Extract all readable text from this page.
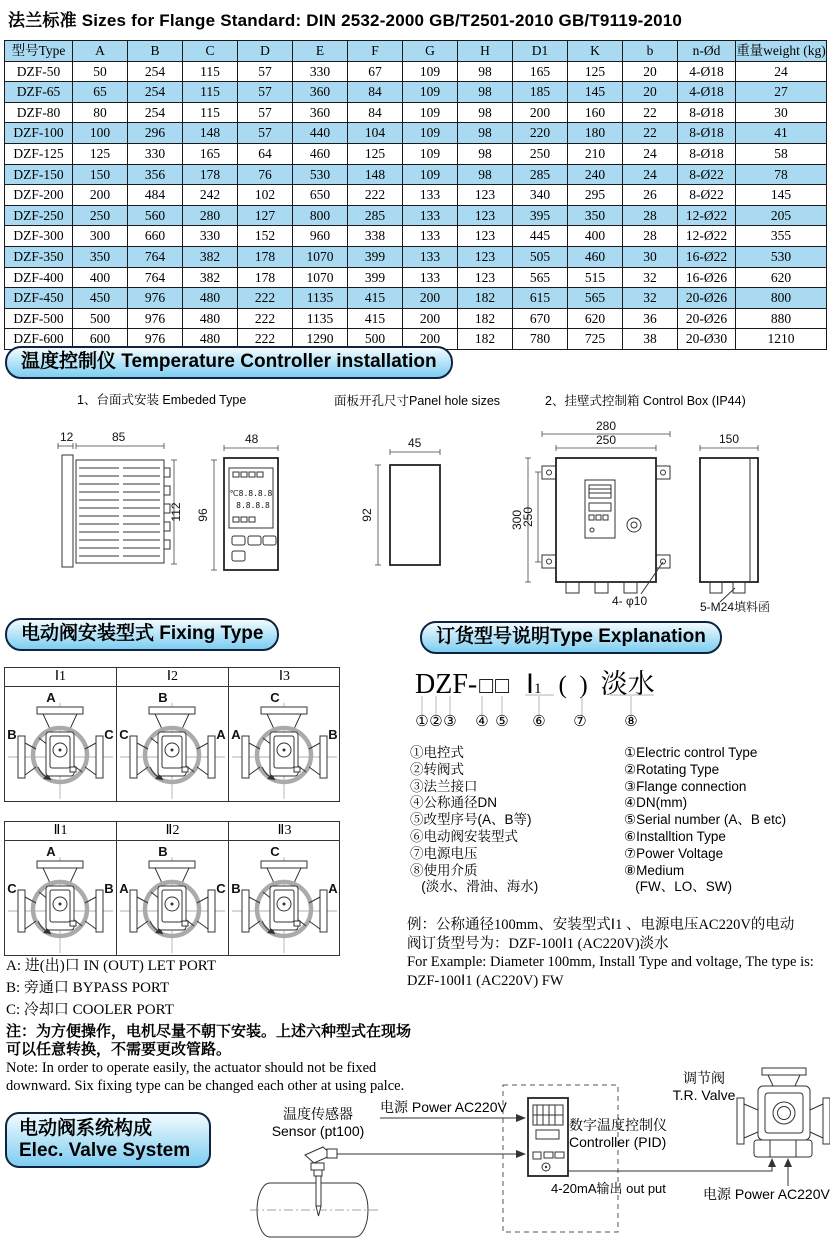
法兰标准 Sizes for Flange Standard: DIN 2532-2000 GB/T2501-2010 GB/T9119-2010
型号Type	A	B	C	D	E	F	G	H	D1	K	b	n-Ød	重量weight (kg)
DZF-50	50	254	115	57	330	67	109	98	165	125	20	4-Ø18	24
DZF-65	65	254	115	57	360	84	109	98	185	145	20	4-Ø18	27
DZF-80	80	254	115	57	360	84	109	98	200	160	22	8-Ø18	30
DZF-100	100	296	148	57	440	104	109	98	220	180	22	8-Ø18	41
DZF-125	125	330	165	64	460	125	109	98	250	210	24	8-Ø18	58
DZF-150	150	356	178	76	530	148	109	98	285	240	24	8-Ø22	78
DZF-200	200	484	242	102	650	222	133	123	340	295	26	8-Ø22	145
DZF-250	250	560	280	127	800	285	133	123	395	350	28	12-Ø22	205
DZF-300	300	660	330	152	960	338	133	123	445	400	28	12-Ø22	355
DZF-350	350	764	382	178	1070	399	133	123	505	460	30	16-Ø22	530
DZF-400	400	764	382	178	1070	399	133	123	565	515	32	16-Ø26	620
DZF-450	450	976	480	222	1135	415	200	182	615	565	32	20-Ø26	800
DZF-500	500	976	480	222	1135	415	200	182	670	620	36	20-Ø26	880
DZF-600	600	976	480	222	1290	500	200	182	780	725	38	20-Ø30	1210
温度控制仪 Temperature Controller installation
1、台面式安装 Embeded Type	面板开孔尺寸Panel hole sizes	2、挂壁式控制箱 Control Box (IP44)
12	85
112
℃8.8.8.8
8.8.8.8
48
96
45
92
280
250
300
250
4- φ10
150
5-M24填料函
电动阀安装型式 Fixing Type
Ⅰ1
A
B	C
Ⅰ2
B
C	A
Ⅰ3
C
A	B
Ⅱ1
A
C	B
Ⅱ2
B
A	C
Ⅱ3
C
B	A
A: 进(出)口 IN (OUT) LET PORT
B: 旁通口 BYPASS PORT
C: 冷却口 COOLER PORT
注：为方便操作，电机尽量不朝下安装。上述六种型式在现场可以任意转换，不需要更改管路。
Note: In order to operate easily, the actuator should not be fixed downward. Six fixing type can be changed each other at using palce.
订货型号说明Type Explanation
DZF- □□ Ⅰ1 (  ) 淡水
① ② ③ ④ ⑤ ⑥ ⑦	⑧
①电控式
②转阀式
③法兰接口
④公称通径DN
⑤改型序号(A、B等)
⑥电动阀安装型式
⑦电源电压
⑧使用介质
(淡水、滑油、海水)
①Electric control Type
②Rotating Type
③Flange connection
④DN(mm)
⑤Serial number (A、B etc)
⑥Installtion Type
⑦Power Voltage
⑧Medium
(FW、LO、SW)
例：公称通径100mm、安装型式Ⅰ1 、电源电压AC220V的电动
阀订货型号为：DZF-100Ⅰ1 (AC220V)淡水
For Example: Diameter 100mm, Install Type and voltage, The type is:
DZF-100Ⅰ1 (AC220V) FW
电动阀系统构成
Elec. Valve System
温度传感器
Sensor (pt100)
电源 Power AC220V
数字温度控制仪
Controller (PID)
4-20mA输出 out put
调节阀
T.R. Valve
电源 Power AC220V
